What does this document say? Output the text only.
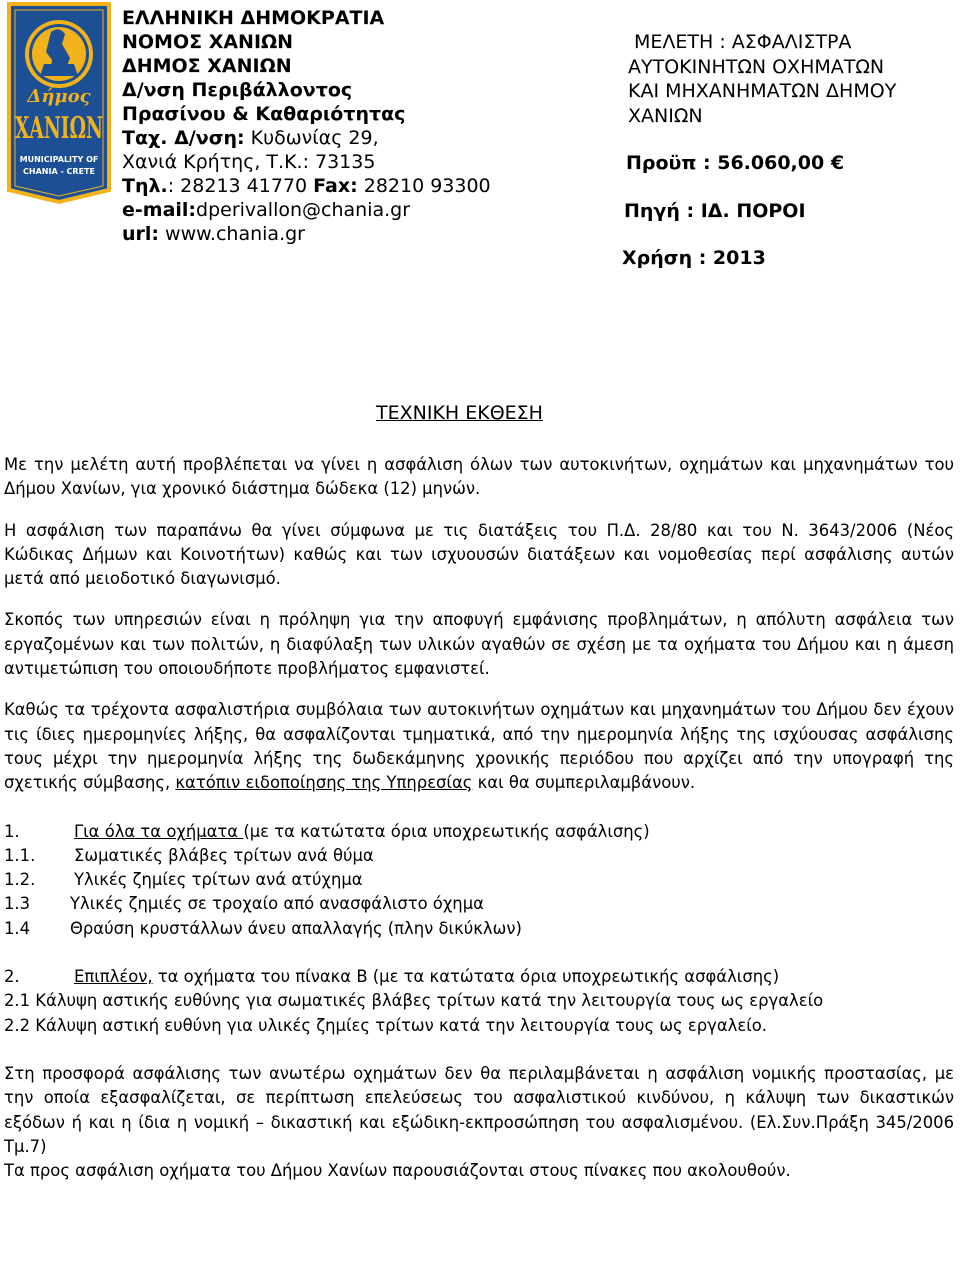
Δήμος
ΧΑΝΙΩΝ
MUNICIPALITY OF
CHANIA - CRETE
ΕΛΛΗΝΙΚΗ ΔΗΜΟΚΡΑΤΙΑ
ΝΟΜΟΣ ΧΑΝΙΩΝ
ΔΗΜΟΣ ΧΑΝΙΩΝ
Δ/νση Περιβάλλοντος
Πρασίνου & Καθαριότητας
Ταχ. Δ/νση: Κυδωνίας 29,
Χανιά Κρήτης, Τ.Κ.: 73135
Τηλ.: 28213 41770 Fax: 28210 93300
e-mail:dperivallon@chania.gr
url: www.chania.gr
ΜΕΛΕΤΗ : ΑΣΦΑΛΙΣΤΡΑ
ΑΥΤΟΚΙΝΗΤΩΝ ΟΧΗΜΑΤΩΝ
ΚΑΙ ΜΗΧΑΝΗΜΑΤΩΝ ΔΗΜΟΥ
ΧΑΝΙΩΝ
Προϋπ : 56.060,00 €
Πηγή : ΙΔ. ΠΟΡΟΙ
Χρήση : 2013
ΤΕΧΝΙΚΗ ΕΚΘΕΣΗ

Με την μελέτη αυτή προβλέπεται να γίνει η ασφάλιση όλων των αυτοκινήτων, οχημάτων και μηχανημάτων του Δήμου Χανίων, για χρονικό διάστημα δώδεκα (12) μηνών.

Η ασφάλιση των παραπάνω θα γίνει σύμφωνα με τις διατάξεις του Π.Δ. 28/80 και του Ν. 3643/2006 (Νέος Κώδικας Δήμων και Κοινοτήτων) καθώς και των ισχυουσών διατάξεων και νομοθεσίας περί ασφάλισης αυτών μετά από μειοδοτικό διαγωνισμό.

Σκοπός των υπηρεσιών είναι η πρόληψη για την αποφυγή εμφάνισης προβλημάτων, η απόλυτη ασφάλεια των εργαζομένων και των πολιτών, η διαφύλαξη των υλικών αγαθών σε σχέση με τα οχήματα του Δήμου και η άμεση αντιμετώπιση του οποιουδήποτε προβλήματος εμφανιστεί.

Καθώς τα τρέχοντα ασφαλιστήρια συμβόλαια των αυτοκινήτων οχημάτων και μηχανημάτων του Δήμου δεν έχουν τις ίδιες ημερομηνίες λήξης, θα ασφαλίζονται τμηματικά, από την ημερομηνία λήξης της ισχύουσας ασφάλισης τους μέχρι την ημερομηνία λήξης της δωδεκάμηνης χρονικής περιόδου που αρχίζει από την υπογραφή της σχετικής σύμβασης, κατόπιν ειδοποίησης της Υπηρεσίας και θα συμπεριλαμβάνουν.

1.	Για όλα τα οχήματα (με τα κατώτατα όρια υποχρεωτικής ασφάλισης)
1.1. Σωματικές βλάβες τρίτων ανά θύμα
1.2. Υλικές ζημίες τρίτων ανά ατύχημα
1.3 Υλικές ζημιές σε τροχαίο από ανασφάλιστο όχημα
1.4 Θραύση κρυστάλλων άνευ απαλλαγής (πλην δικύκλων)
2.	Επιπλέον, τα οχήματα του πίνακα Β (με τα κατώτατα όρια υποχρεωτικής ασφάλισης)

2.1 Κάλυψη αστικής ευθύνης για σωματικές βλάβες τρίτων κατά την λειτουργία τους ως εργαλείο

2.2 Κάλυψη αστική ευθύνη για υλικές ζημίες τρίτων κατά την λειτουργία τους ως εργαλείο.

Στη προσφορά ασφάλισης των ανωτέρω οχημάτων δεν θα περιλαμβάνεται η ασφάλιση νομικής προστασίας, με την οποία εξασφαλίζεται, σε περίπτωση επελεύσεως του ασφαλιστικού κινδύνου, η κάλυψη των δικαστικών εξόδων ή και η ίδια η νομική – δικαστική και εξώδικη-εκπροσώπηση του ασφαλισμένου. (Ελ.Συν.Πράξη 345/2006 Τμ.7)

Τα προς ασφάλιση οχήματα του Δήμου Χανίων παρουσιάζονται στους πίνακες που ακολουθούν.
